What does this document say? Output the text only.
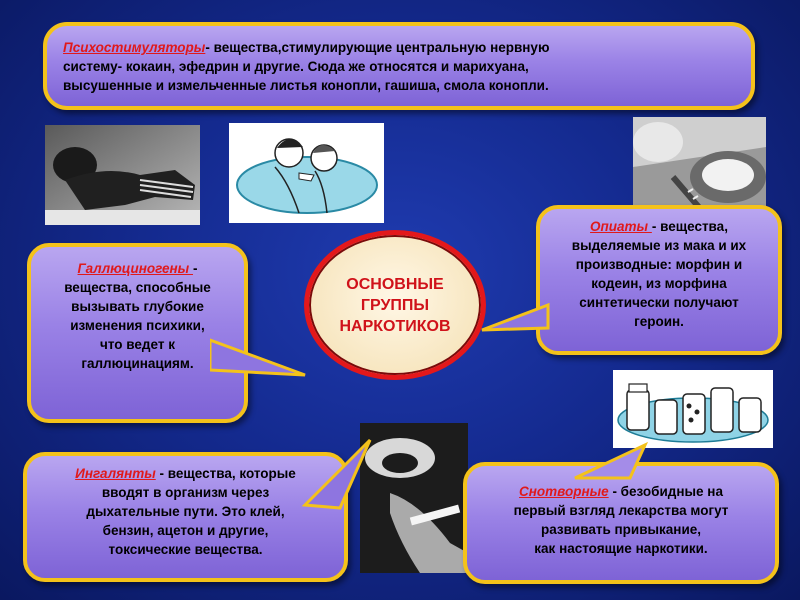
Психостимуляторы- вещества,стимулирующие центральную нервную
систему- кокаин, эфедрин и другие. Сюда же относятся и марихуана,
высушенные и измельченные листья конопли, гашиша, смола конопли.
Галлюциногены -
вещества, способные
вызывать глубокие
изменения психики,
что ведет к
галлюцинациям.
ОСНОВНЫЕ
ГРУППЫ
НАРКОТИКОВ
Опиаты - вещества,
выделяемые из мака и их
производные: морфин и
кодеин, из морфина
синтетически получают
героин.
Ингалянты - вещества, которые
вводят в организм через
дыхательные пути. Это клей,
бензин, ацетон и другие,
токсические вещества.
Снотворные - безобидные на
первый взгляд лекарства могут
развивать привыкание,
как настоящие наркотики.
